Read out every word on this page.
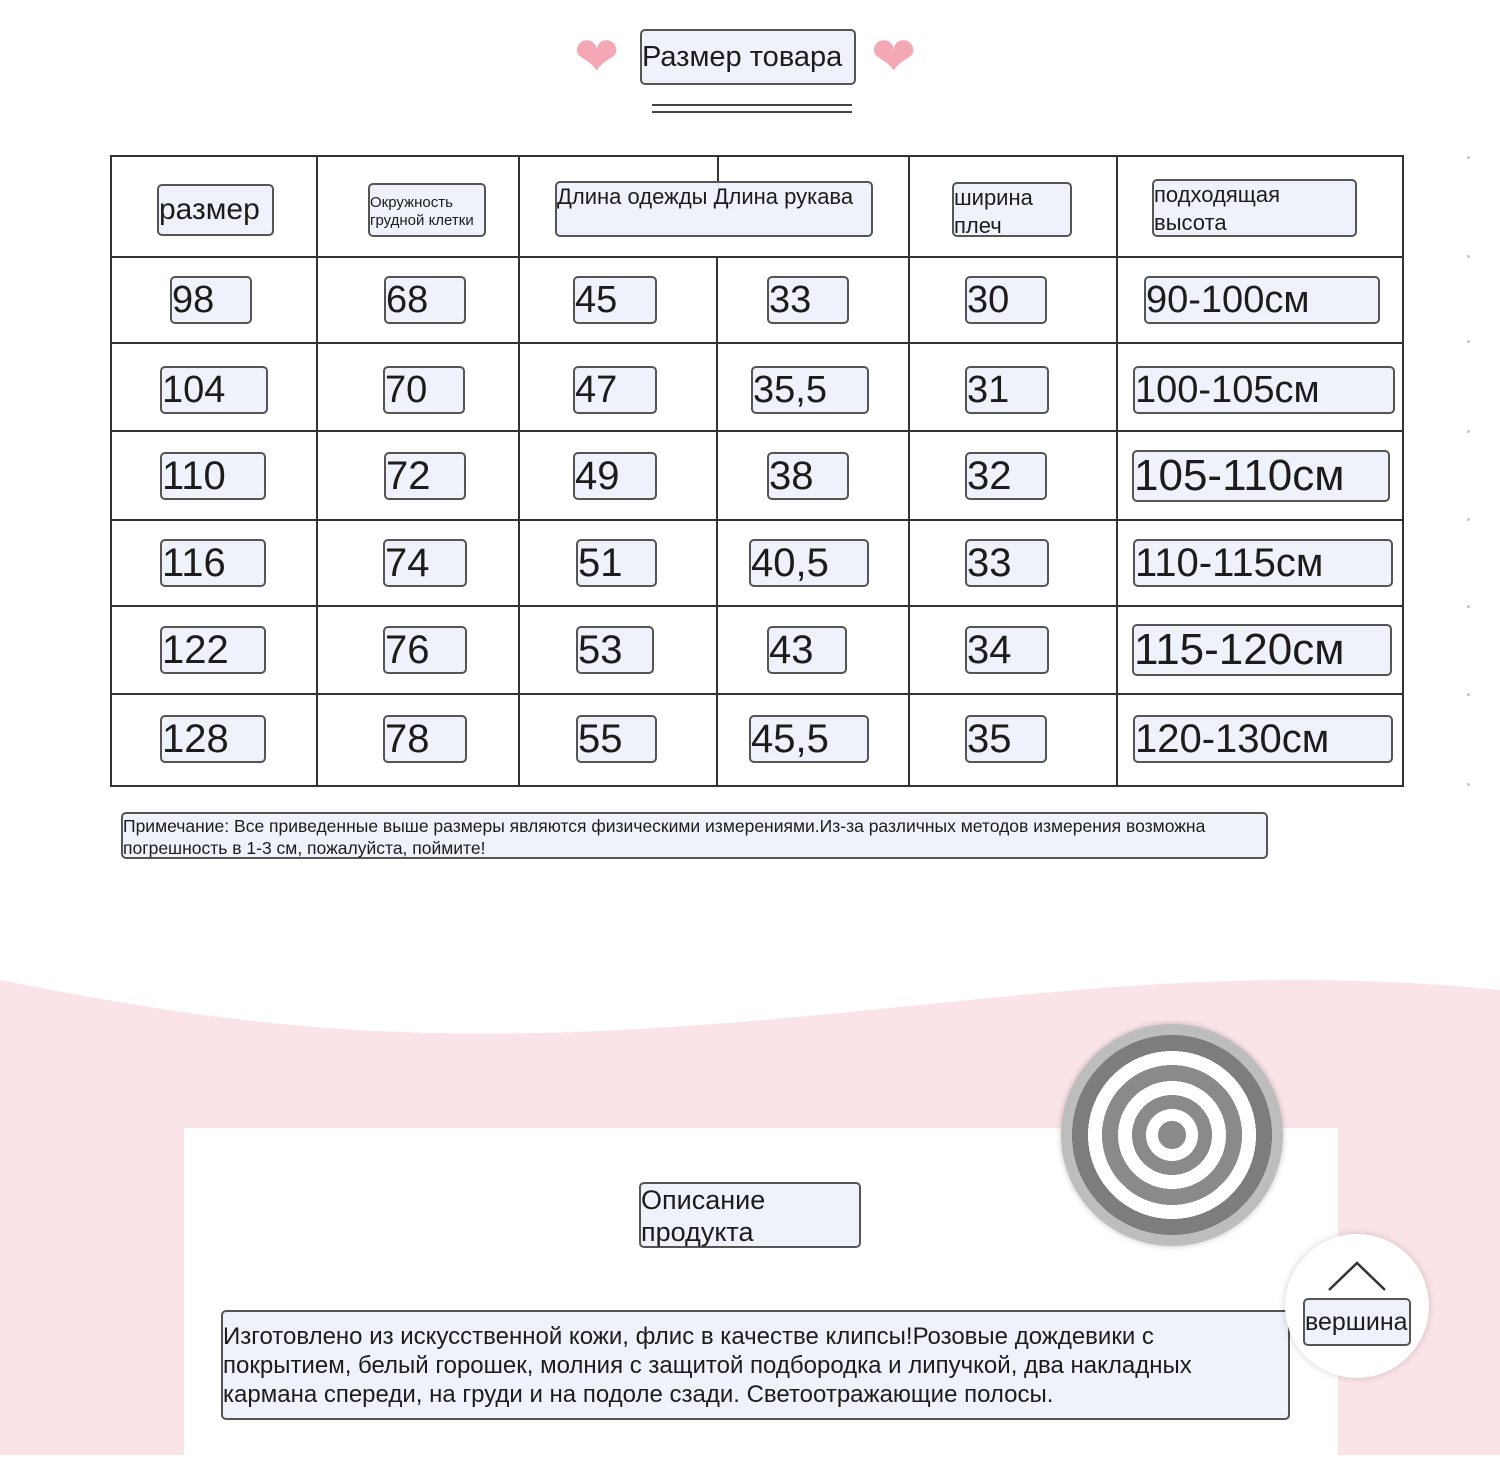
❤	❤
Размер товара
размер	Окружность грудной клетки	Длина одежды Длина рукава		ширина плеч	подходящая высота

98	68	45	33	30	90-100см

104	70	47	35,5	31	100-105см

110	72	49	38	32	105-110см

116	74	51	40,5	33	110-115см

122	76	53	43	34	115-120см

128	78	55	45,5	35	120-130см
Примечание: Все приведенные выше размеры являются физическими измерениями.Из-за различных методов измерения возможна погрешность в 1-3 см, пожалуйста, поймите!
Описание продукта
Изготовлено из искусственной кожи, флис в качестве клипсы!Розовые дождевики с покрытием, белый горошек, молния с защитой подбородка и липучкой, два накладных кармана спереди, на груди и на подоле сзади. Светоотражающие полосы.
вершина
